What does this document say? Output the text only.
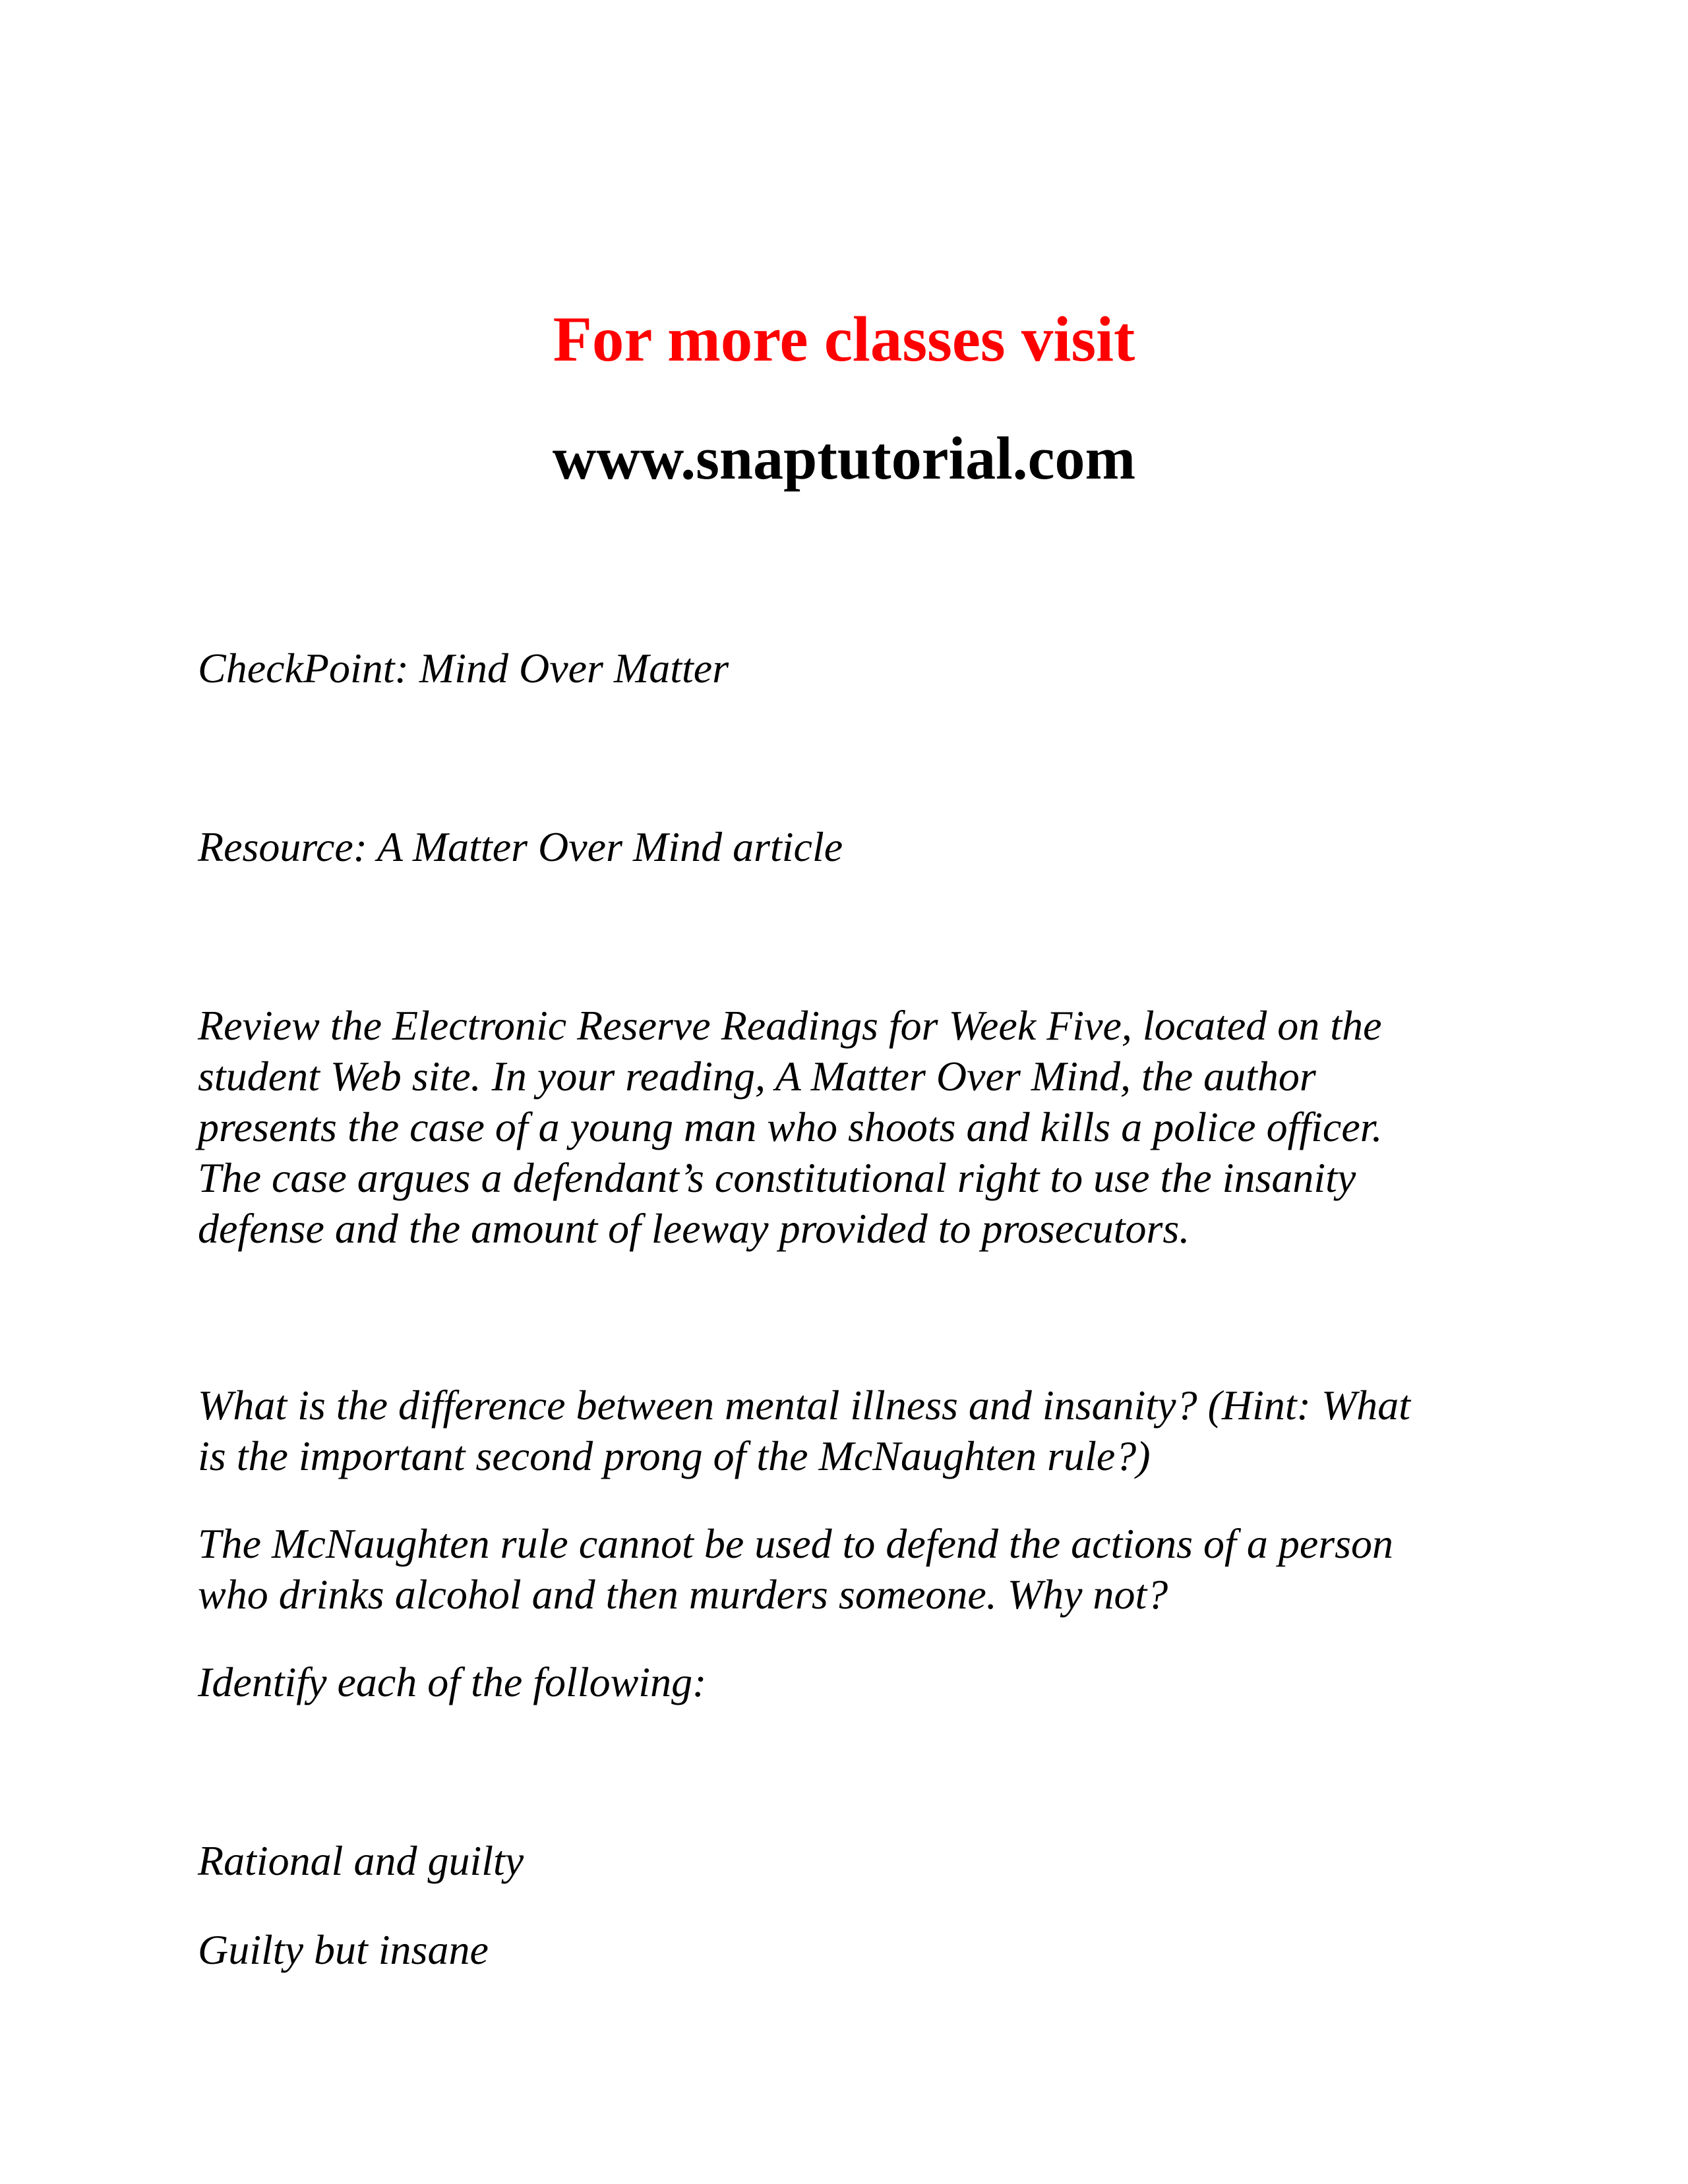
For more classes visit
www.snaptutorial.com

CheckPoint: Mind Over Matter

Resource: A Matter Over Mind article

Review the Electronic Reserve Readings for Week Five, located on the
student Web site. In your reading, A Matter Over Mind, the author
presents the case of a young man who shoots and kills a police officer.
The case argues a defendant’s constitutional right to use the insanity
defense and the amount of leeway provided to prosecutors.

What is the difference between mental illness and insanity? (Hint: What
is the important second prong of the McNaughten rule?)

The McNaughten rule cannot be used to defend the actions of a person
who drinks alcohol and then murders someone. Why not?

Identify each of the following:

Rational and guilty

Guilty but insane
